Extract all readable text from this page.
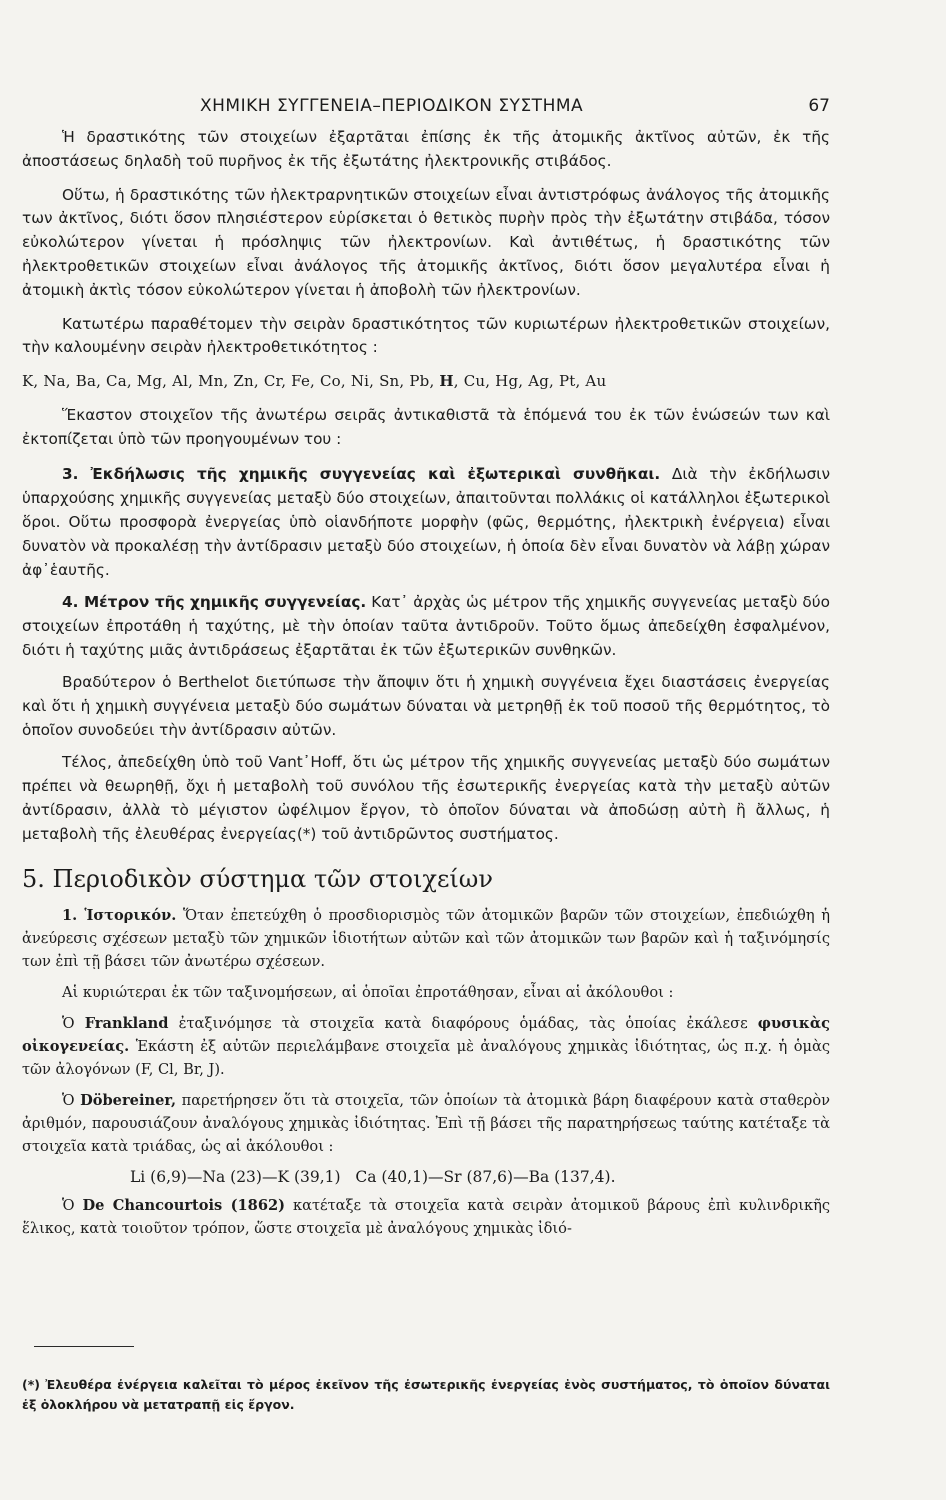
ΧΗΜΙΚΗ ΣΥΓΓΕΝΕΙΑ–ΠΕΡΙΟΔΙΚΟΝ ΣΥΣΤΗΜΑ	67

Ἡ δραστικότης τῶν στοιχείων ἐξαρτᾶται ἐπίσης ἐκ τῆς ἀτομικῆς ἀκτῖνος αὐτῶν, ἐκ τῆς ἀποστάσεως δηλαδὴ τοῦ πυρῆνος ἐκ τῆς ἐξωτάτης ἠλεκτρονικῆς στιβάδος.

Οὕτω, ἡ δραστικότης τῶν ἠλεκτραρνητικῶν στοιχείων εἶναι ἀντιστρόφως ἀνάλογος τῆς ἀτομικῆς των ἀκτῖνος, διότι ὅσον πλησιέστερον εὑρίσκεται ὁ θετικὸς πυρὴν πρὸς τὴν ἐξωτάτην στιβάδα, τόσον εὐκολώτερον γίνεται ἡ πρόσληψις τῶν ἠλεκτρονίων. Καὶ ἀντιθέτως, ἡ δραστικότης τῶν ἠλεκτροθετικῶν στοιχείων εἶναι ἀνάλογος τῆς ἀτομικῆς ἀκτῖνος, διότι ὅσον μεγαλυτέρα εἶναι ἡ ἀτομικὴ ἀκτὶς τόσον εὐκολώτερον γίνεται ἡ ἀποβολὴ τῶν ἠλεκτρονίων.

Κατωτέρω παραθέτομεν τὴν σειρὰν δραστικότητος τῶν κυριωτέρων ἠλεκτροθετικῶν στοιχείων, τὴν καλουμένην σειρὰν ἠλεκτροθετικότητος :

K, Na, Ba, Ca, Mg, Al, Mn, Zn, Cr, Fe, Co, Ni, Sn, Pb, H, Cu, Hg, Ag, Pt, Au

Ἕκαστον στοιχεῖον τῆς ἀνωτέρω σειρᾶς ἀντικαθιστᾶ τὰ ἑπόμενά του ἐκ τῶν ἑνώσεών των καὶ ἐκτοπίζεται ὑπὸ τῶν προηγουμένων του :

3. Ἐκδήλωσις τῆς χημικῆς συγγενείας καὶ ἐξωτερικαὶ συνθῆκαι. Διὰ τὴν ἐκδήλωσιν ὑπαρχούσης χημικῆς συγγενείας μεταξὺ δύο στοιχείων, ἀπαιτοῦνται πολλάκις οἱ κατάλληλοι ἐξωτερικοὶ ὅροι. Οὕτω προσφορὰ ἐνεργείας ὑπὸ οἱανδήποτε μορφὴν (φῶς, θερμότης, ἠλεκτρικὴ ἐνέργεια) εἶναι δυνατὸν νὰ προκαλέσῃ τὴν ἀντίδρασιν μεταξὺ δύο στοιχείων, ἡ ὁποία δὲν εἶναι δυνατὸν νὰ λάβῃ χώραν ἀφ᾽ἑαυτῆς.

4. Μέτρον τῆς χημικῆς συγγενείας. Κατ᾽ ἀρχὰς ὡς μέτρον τῆς χημικῆς συγγενείας μεταξὺ δύο στοιχείων ἐπροτάθη ἡ ταχύτης, μὲ τὴν ὁποίαν ταῦτα ἀντιδροῦν. Τοῦτο ὅμως ἀπεδείχθη ἐσφαλμένον, διότι ἡ ταχύτης μιᾶς ἀντιδράσεως ἐξαρτᾶται ἐκ τῶν ἐξωτερικῶν συνθηκῶν.

Βραδύτερον ὁ Berthelot διετύπωσε τὴν ἄποψιν ὅτι ἡ χημικὴ συγγένεια ἔχει διαστάσεις ἐνεργείας καὶ ὅτι ἡ χημικὴ συγγένεια μεταξὺ δύο σωμάτων δύναται νὰ μετρηθῇ ἐκ τοῦ ποσοῦ τῆς θερμότητος, τὸ ὁποῖον συνοδεύει τὴν ἀντίδρασιν αὐτῶν.

Τέλος, ἀπεδείχθη ὑπὸ τοῦ Vant᾽Hoff, ὅτι ὡς μέτρον τῆς χημικῆς συγγενείας μεταξὺ δύο σωμάτων πρέπει νὰ θεωρηθῇ, ὄχι ἡ μεταβολὴ τοῦ συνόλου τῆς ἐσωτερικῆς ἐνεργείας κατὰ τὴν μεταξὺ αὐτῶν ἀντίδρασιν, ἀλλὰ τὸ μέγιστον ὠφέλιμον ἔργον, τὸ ὁποῖον δύναται νὰ ἀποδώσῃ αὐτὴ ἢ ἄλλως, ἡ μεταβολὴ τῆς ἐλευθέρας ἐνεργείας(*) τοῦ ἀντιδρῶντος συστήματος.

5. Περιοδικὸν σύστημα τῶν στοιχείων

1. Ἱστορικόν. Ὅταν ἐπετεύχθη ὁ προσδιορισμὸς τῶν ἀτομικῶν βαρῶν τῶν στοιχείων, ἐπεδιώχθη ἡ ἀνεύρεσις σχέσεων μεταξὺ τῶν χημικῶν ἰδιοτήτων αὐτῶν καὶ τῶν ἀτομικῶν των βαρῶν καὶ ἡ ταξινόμησίς των ἐπὶ τῇ βάσει τῶν ἀνωτέρω σχέσεων.

Αἱ κυριώτεραι ἐκ τῶν ταξινομήσεων, αἱ ὁποῖαι ἐπροτάθησαν, εἶναι αἱ ἀκόλουθοι :

Ὁ Frankland ἐταξινόμησε τὰ στοιχεῖα κατὰ διαφόρους ὁμάδας, τὰς ὁποίας ἐκάλεσε φυσικὰς οἰκογενείας. Ἑκάστη ἐξ αὐτῶν περιελάμβανε στοιχεῖα μὲ ἀναλόγους χημικὰς ἰδιότητας, ὡς π.χ. ἡ ὁμὰς τῶν ἀλογόνων (F, Cl, Br, J).

Ὁ Döbereiner, παρετήρησεν ὅτι τὰ στοιχεῖα, τῶν ὁποίων τὰ ἀτομικὰ βάρη διαφέρουν κατὰ σταθερὸν ἀριθμόν, παρουσιάζουν ἀναλόγους χημικὰς ἰδιότητας. Ἐπὶ τῇ βάσει τῆς παρατηρήσεως ταύτης κατέταξε τὰ στοιχεῖα κατὰ τριάδας, ὡς αἱ ἀκόλουθοι :

Li (6,9)—Na (23)—K (39,1) Ca (40,1)—Sr (87,6)—Ba (137,4).

Ὁ De Chancourtois (1862) κατέταξε τὰ στοιχεῖα κατὰ σειρὰν ἀτομικοῦ βάρους ἐπὶ κυλινδρικῆς ἕλικος, κατὰ τοιοῦτον τρόπον, ὥστε στοιχεῖα μὲ ἀναλόγους χημικὰς ἰδιό-

(*) Ἐλευθέρα ἐνέργεια καλεῖται τὸ μέρος ἐκεῖνον τῆς ἐσωτερικῆς ἐνεργείας ἑνὸς συστήματος, τὸ ὁποῖον δύναται ἐξ ὁλοκλήρου νὰ μετατραπῇ εἰς ἔργον.
